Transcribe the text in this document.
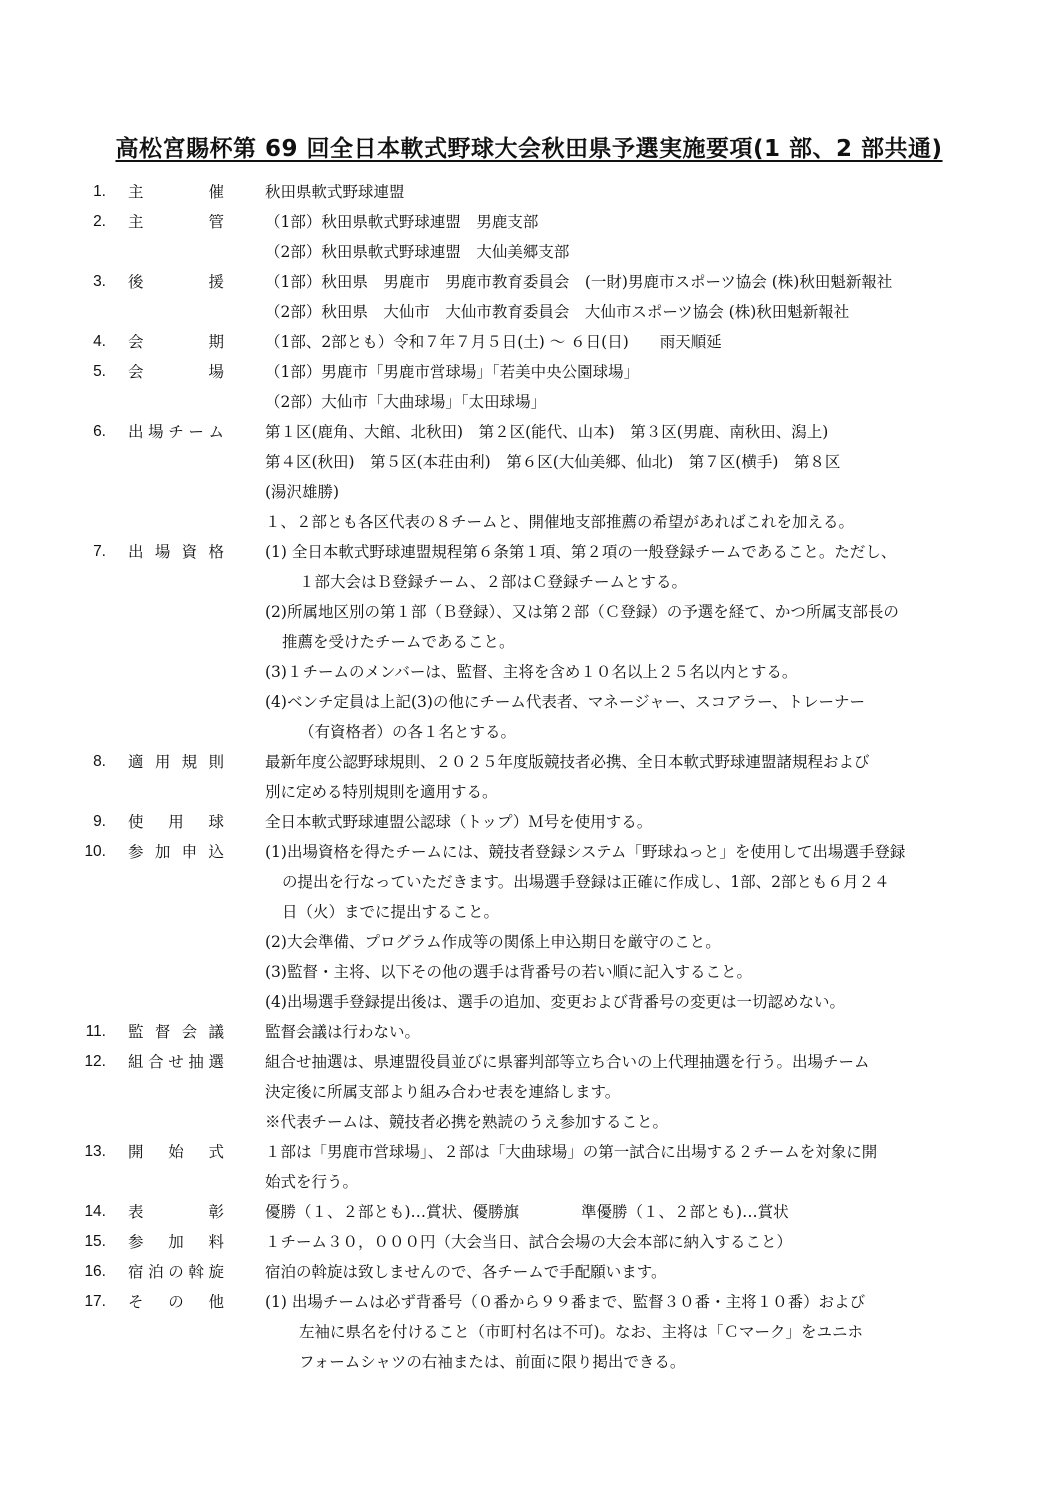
高松宮賜杯第 69 回全日本軟式野球大会秋田県予選実施要項(1 部、2 部共通)
1. 主	催	秋田県軟式野球連盟
2. 主	管	（1部）秋田県軟式野球連盟　男鹿支部
（2部）秋田県軟式野球連盟　大仙美郷支部
3. 後	援	（1部）秋田県　男鹿市　男鹿市教育委員会　(一財)男鹿市スポーツ協会 (株)秋田魁新報社
（2部）秋田県　大仙市　大仙市教育委員会　大仙市スポーツ協会 (株)秋田魁新報社
4. 会	期	（1部、2部とも）令和７年７月５日(土) 〜 ６日(日)　　雨天順延
5. 会	場	（1部）男鹿市「男鹿市営球場」「若美中央公園球場」
（2部）大仙市「大曲球場」「太田球場」
6. 出 場 チ ー ム	第１区(鹿角、大館、北秋田)　第２区(能代、山本)　第３区(男鹿、南秋田、潟上)
第４区(秋田)　第５区(本荘由利)　第６区(大仙美郷、仙北)　第７区(横手)　第８区
(湯沢雄勝)
１、２部とも各区代表の８チームと、開催地支部推薦の希望があればこれを加える。
7. 出 場 資 格	(1) 全日本軟式野球連盟規程第６条第１項、第２項の一般登録チームであること。ただし、
１部大会はＢ登録チーム、２部はＣ登録チームとする。
(2)所属地区別の第１部（Ｂ登録）、又は第２部（Ｃ登録）の予選を経て、かつ所属支部長の
推薦を受けたチームであること。
(3)１チームのメンバーは、監督、主将を含め１０名以上２５名以内とする。
(4)ベンチ定員は上記(3)の他にチーム代表者、マネージャー、スコアラー、トレーナー
（有資格者）の各１名とする。
8. 適 用 規 則	最新年度公認野球規則、２０２５年度版競技者必携、全日本軟式野球連盟諸規程および
別に定める特別規則を適用する。
9. 使 用 球	全日本軟式野球連盟公認球（トップ）Ｍ号を使用する。
10. 参 加 申 込	(1)出場資格を得たチームには、競技者登録システム「野球ねっと」を使用して出場選手登録
の提出を行なっていただきます。出場選手登録は正確に作成し、1部、2部とも６月２４
日（火）までに提出すること。
(2)大会準備、プログラム作成等の関係上申込期日を厳守のこと。
(3)監督・主将、以下その他の選手は背番号の若い順に記入すること。
(4)出場選手登録提出後は、選手の追加、変更および背番号の変更は一切認めない。
11. 監 督 会 議	監督会議は行わない。
12. 組 合 せ 抽 選	組合せ抽選は、県連盟役員並びに県審判部等立ち合いの上代理抽選を行う。出場チーム
決定後に所属支部より組み合わせ表を連絡します。
※代表チームは、競技者必携を熟読のうえ参加すること。
13. 開 始 式	１部は「男鹿市営球場」、２部は「大曲球場」の第一試合に出場する２チームを対象に開
始式を行う。
14. 表	彰	優勝（１、２部とも)…賞状、優勝旗　　　　準優勝（１、２部とも)…賞状
15. 参 加 料	１チーム３０，０００円（大会当日、試合会場の大会本部に納入すること）
16. 宿 泊 の 斡 旋	宿泊の斡旋は致しませんので、各チームで手配願います。
17. そ の 他	(1) 出場チームは必ず背番号（０番から９９番まで、監督３０番・主将１０番）および
左袖に県名を付けること（市町村名は不可)。なお、主将は「Ｃマーク」をユニホ
フォームシャツの右袖または、前面に限り掲出できる。
